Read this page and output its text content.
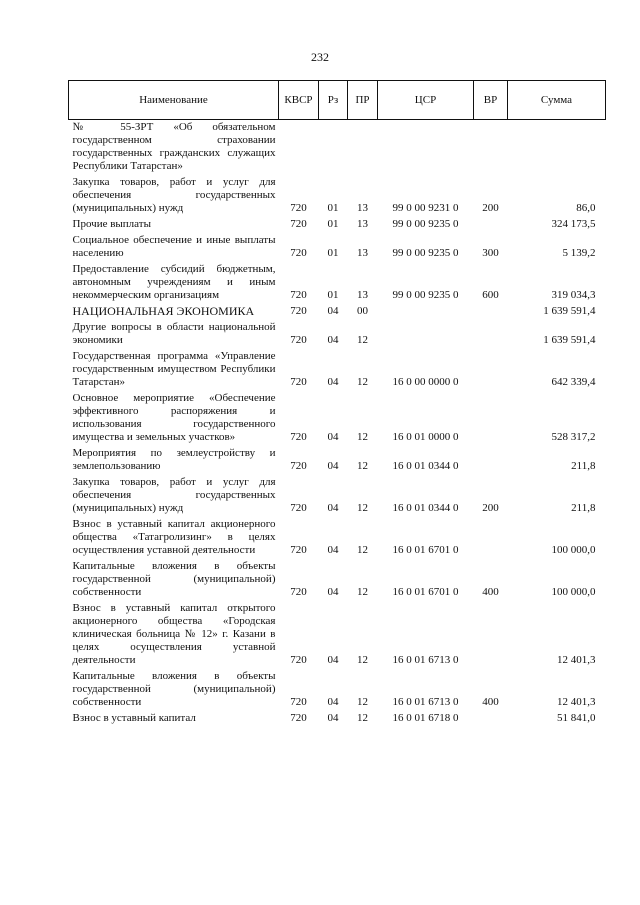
232
Наименование	КВСР	Рз	ПР	ЦСР	ВР	Сумма
№ 55-ЗРТ «Об обязательном государственном страховании государственных гражданских служащих Республики Татарстан»						
Закупка товаров, работ и услуг для обеспечения государственных (муниципальных) нужд	720	01	13	99 0 00 9231 0	200	86,0
Прочие выплаты	720	01	13	99 0 00 9235 0		324 173,5
Социальное обеспечение и иные выплаты населению	720	01	13	99 0 00 9235 0	300	5 139,2
Предоставление субсидий бюджетным, автономным учреждениям и иным некоммерческим организациям	720	01	13	99 0 00 9235 0	600	319 034,3
НАЦИОНАЛЬНАЯ ЭКОНОМИКА	720	04	00			1 639 591,4
Другие вопросы в области национальной экономики	720	04	12			1 639 591,4
Государственная программа «Управление государственным имуществом Республики Татарстан»	720	04	12	16 0 00 0000 0		642 339,4
Основное мероприятие «Обеспечение эффективного распоряжения и использования государственного имущества и земельных участков»	720	04	12	16 0 01 0000 0		528 317,2
Мероприятия по землеустройству и землепользованию	720	04	12	16 0 01 0344 0		211,8
Закупка товаров, работ и услуг для обеспечения государственных (муниципальных) нужд	720	04	12	16 0 01 0344 0	200	211,8
Взнос в уставный капитал акционерного общества «Татагролизинг» в целях осуществления уставной деятельности	720	04	12	16 0 01 6701 0		100 000,0
Капитальные вложения в объекты государственной (муниципальной) собственности	720	04	12	16 0 01 6701 0	400	100 000,0
Взнос в уставный капитал открытого акционерного общества «Городская клиническая больница № 12» г. Казани в целях осуществления уставной деятельности	720	04	12	16 0 01 6713 0		12 401,3
Капитальные вложения в объекты государственной (муниципальной) собственности	720	04	12	16 0 01 6713 0	400	12 401,3
Взнос в уставный капитал	720	04	12	16 0 01 6718 0		51 841,0
